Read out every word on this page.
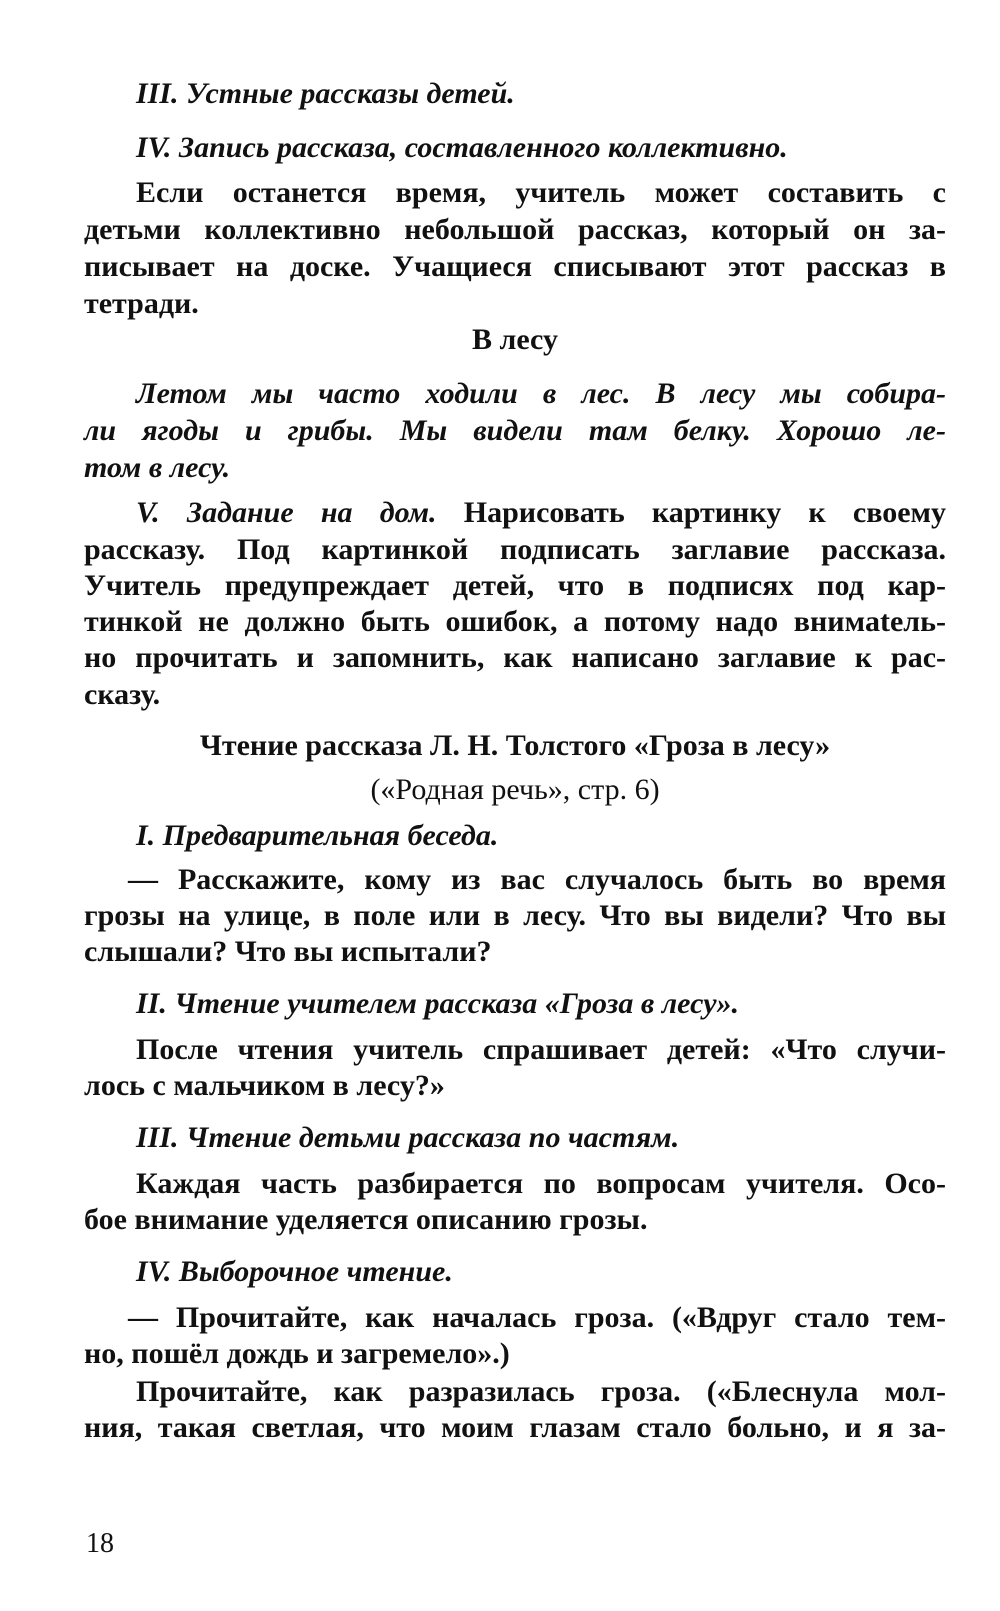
III. Устные рассказы детей.
IV. Запись рассказа, составленного коллективно.
Если останется время, учитель может составить с
детьми коллективно небольшой рассказ, который он за-
писывает на доске. Учащиеся списывают этот рассказ в
тетради.
В лесу
Летом мы часто ходили в лес. В лесу мы собира-
ли ягоды и грибы. Мы видели там белку. Хорошо ле-
том в лесу.
V. Задание на дом. Нарисовать картинку к своему
рассказу. Под картинкой подписать заглавие рассказа.
Учитель предупреждает детей, что в подписях под кар-
тинкой не должно быть ошибок, а потому надо внимatель-
но прочитать и запомнить, как написано заглавие к рас-
сказу.
Чтение рассказа Л. Н. Толстого «Гроза в лесу»
(«Родная речь», стр. 6)
I. Предварительная беседа.
— Расскажите, кому из вас случалось быть во время
грозы на улице, в поле или в лесу. Что вы видели? Что вы
слышали? Что вы испытали?
II. Чтение учителем рассказа «Гроза в лесу».
После чтения учитель спрашивает детей: «Что случи-
лось с мальчиком в лесу?»
III. Чтение детьми рассказа по частям.
Каждая часть разбирается по вопросам учителя. Осо-
бое внимание уделяется описанию грозы.
IV. Выборочное чтение.
— Прочитайте, как началась гроза. («Вдруг стало тем-
но, пошёл дождь и загремело».)
Прочитайте, как разразилась гроза. («Блеснула мол-
ния, такая светлая, что моим глазам стало больно, и я за-
18
